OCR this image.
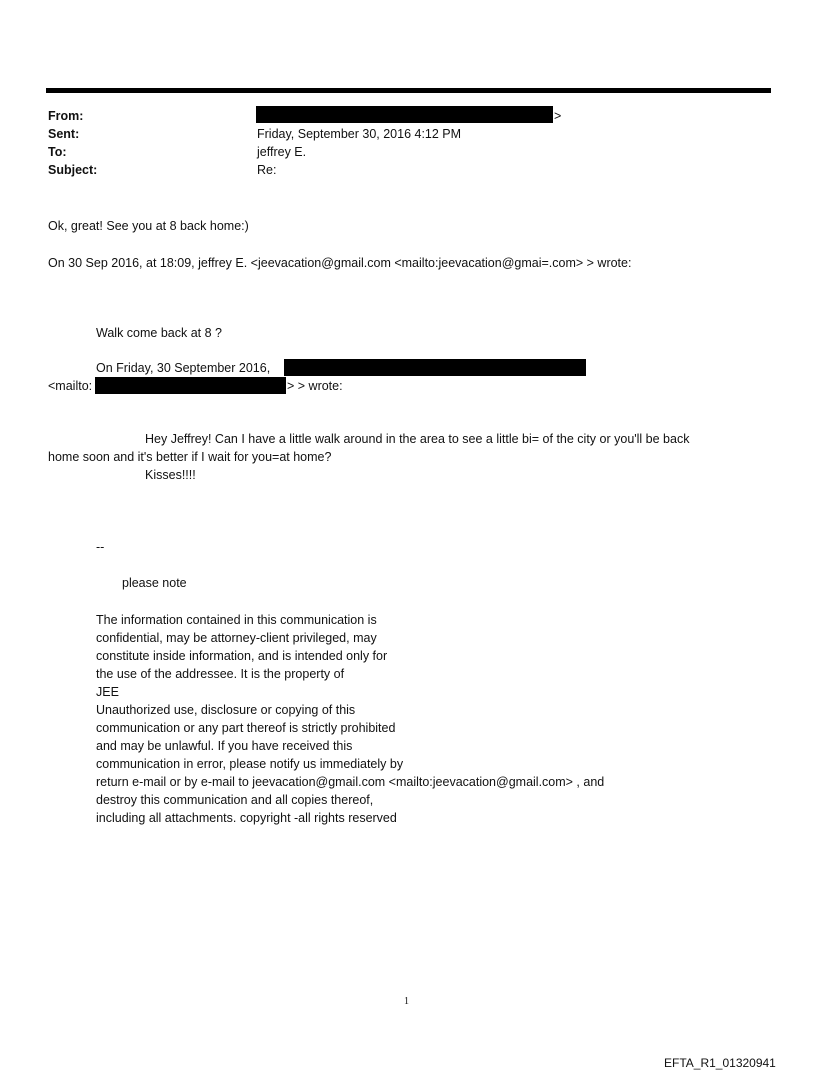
From:	>
Sent:	Friday, September 30, 2016 4:12 PM
To:	jeffrey E.
Subject:	Re:
Ok, great! See you at 8 back home:)
On 30 Sep 2016, at 18:09, jeffrey E. <jeevacation@gmail.com <mailto:jeevacation@gmai=.com> > wrote:
Walk come back at 8 ?
On Friday, 30 September 2016,
<mailto:	> > wrote:
Hey Jeffrey! Can I have a little walk around in the area to see a little bi= of the city or you'll be back
home soon and it's better if I wait for you=at home?
Kisses!!!!
--
please note
The information contained in this communication is
confidential, may be attorney-client privileged, may
constitute inside information, and is intended only for
the use of the addressee. It is the property of
JEE
Unauthorized use, disclosure or copying of this
communication or any part thereof is strictly prohibited
and may be unlawful. If you have received this
communication in error, please notify us immediately by
return e-mail or by e-mail to jeevacation@gmail.com <mailto:jeevacation@gmail.com> , and
destroy this communication and all copies thereof,
including all attachments. copyright -all rights reserved
1
EFTA_R1_01320941
